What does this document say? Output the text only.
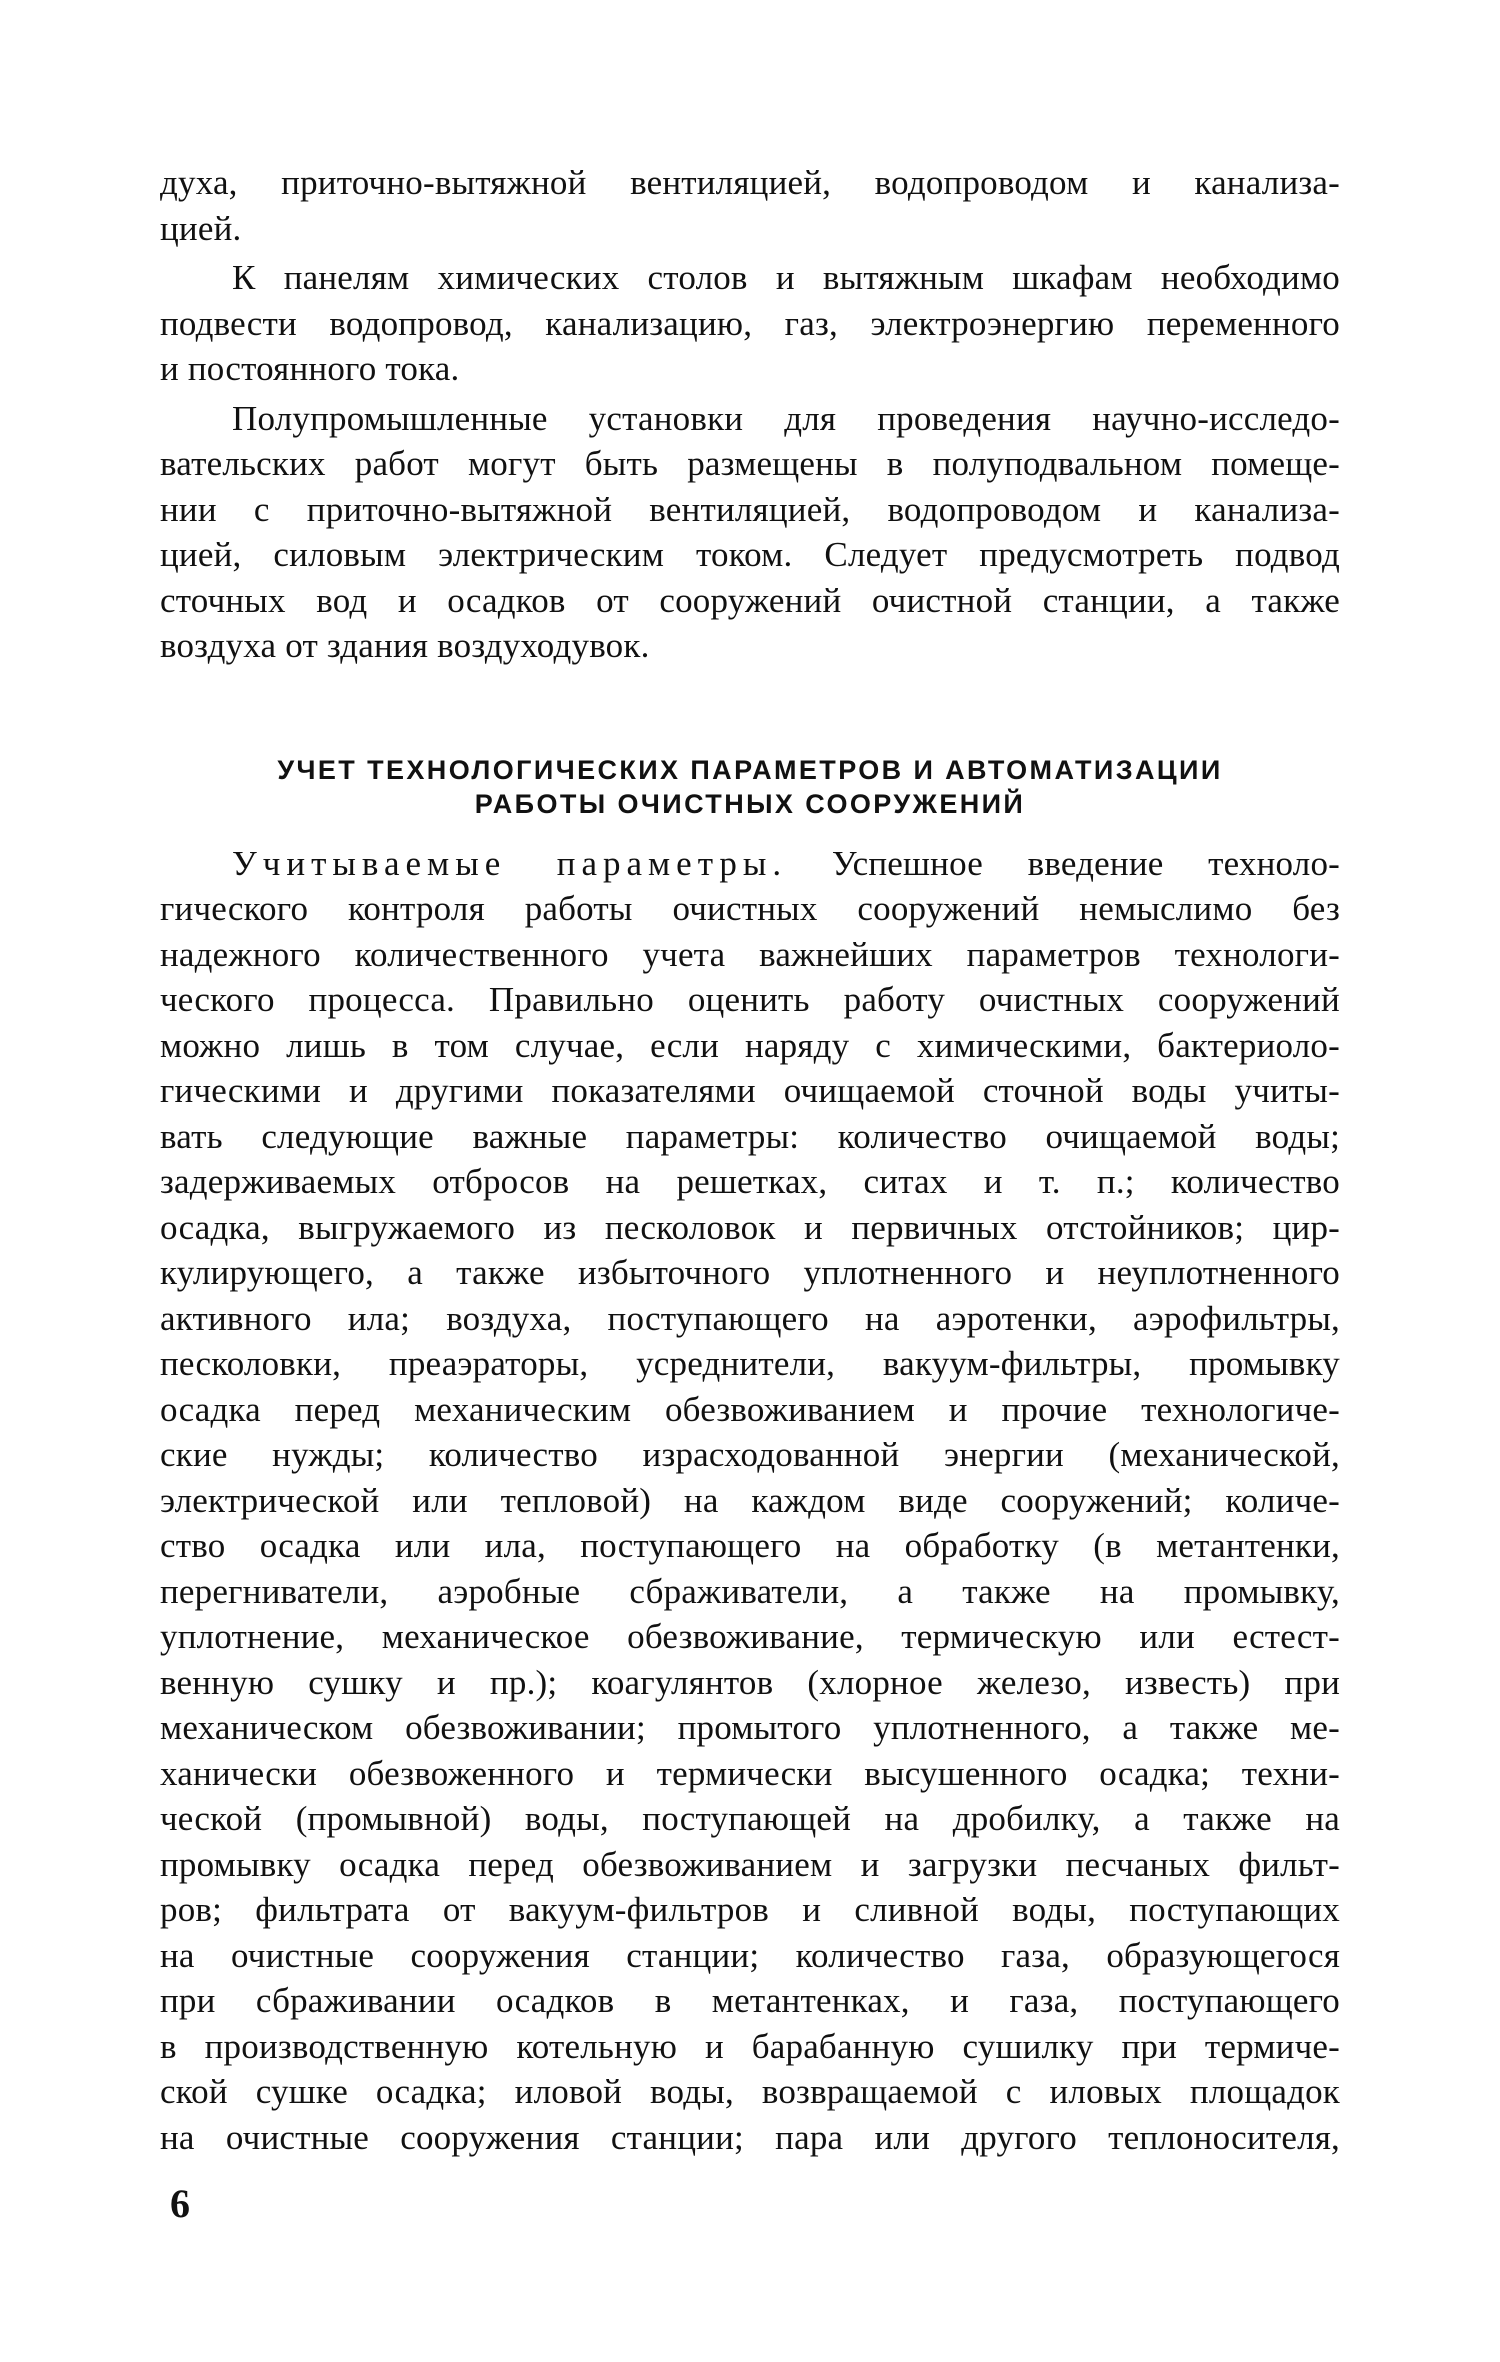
духа, приточно-вытяжной вентиляцией, водопроводом и канализа-
цией.
К панелям химических столов и вытяжным шкафам необходимо
подвести водопровод, канализацию, газ, электроэнергию переменного
и постоянного тока.
Полупромышленные установки для проведения научно-исследо-
вательских работ могут быть размещены в полуподвальном помеще-
нии с приточно-вытяжной вентиляцией, водопроводом и канализа-
цией, силовым электрическим током. Следует предусмотреть подвод
сточных вод и осадков от сооружений очистной станции, а также
воздуха от здания воздуходувок.
УЧЕТ ТЕХНОЛОГИЧЕСКИХ ПАРАМЕТРОВ И АВТОМАТИЗАЦИИ
РАБОТЫ ОЧИСТНЫХ СООРУЖЕНИЙ
Учитываемые параметры. Успешное введение техноло-
гического контроля работы очистных сооружений немыслимо без
надежного количественного учета важнейших параметров технологи-
ческого процесса. Правильно оценить работу очистных сооружений
можно лишь в том случае, если наряду с химическими, бактериоло-
гическими и другими показателями очищаемой сточной воды учиты-
вать следующие важные параметры: количество очищаемой воды;
задерживаемых отбросов на решетках, ситах и т. п.; количество
осадка, выгружаемого из песколовок и первичных отстойников; цир-
кулирующего, а также избыточного уплотненного и неуплотненного
активного ила; воздуха, поступающего на аэротенки, аэрофильтры,
песколовки, преаэраторы, усреднители, вакуум-фильтры, промывку
осадка перед механическим обезвоживанием и прочие технологиче-
ские нужды; количество израсходованной энергии (механической,
электрической или тепловой) на каждом виде сооружений; количе-
ство осадка или ила, поступающего на обработку (в метантенки,
перегниватели, аэробные сбраживатели, а также на промывку,
уплотнение, механическое обезвоживание, термическую или естест-
венную сушку и пр.); коагулянтов (хлорное железо, известь) при
механическом обезвоживании; промытого уплотненного, а также ме-
ханически обезвоженного и термически высушенного осадка; техни-
ческой (промывной) воды, поступающей на дробилку, а также на
промывку осадка перед обезвоживанием и загрузки песчаных фильт-
ров; фильтрата от вакуум-фильтров и сливной воды, поступающих
на очистные сооружения станции; количество газа, образующегося
при сбраживании осадков в метантенках, и газа, поступающего
в производственную котельную и барабанную сушилку при термиче-
ской сушке осадка; иловой воды, возвращаемой с иловых площадок
на очистные сооружения станции; пара или другого теплоносителя,
6
